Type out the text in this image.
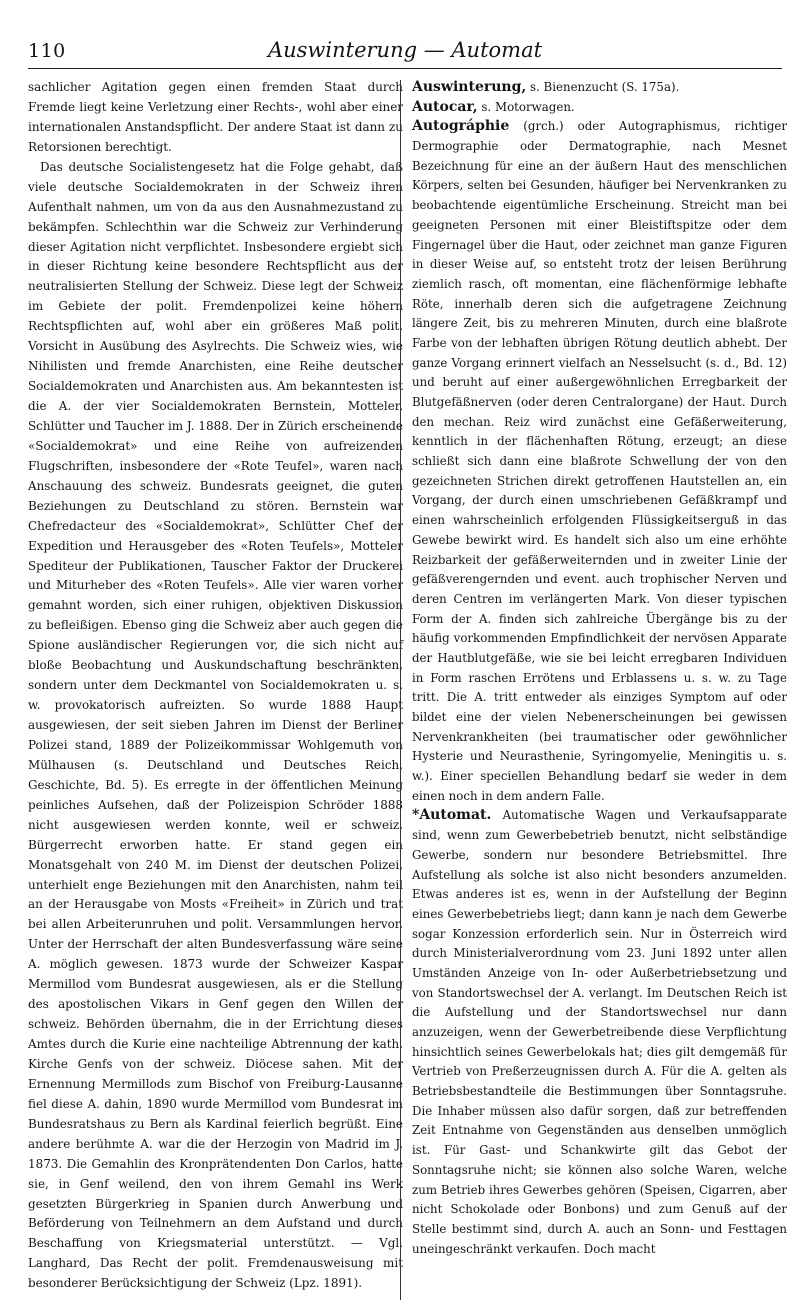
110	Auswinterung — Automat

sachlicher Agitation gegen einen fremden Staat durch Fremde liegt keine Verletzung einer Rechts-, wohl aber einer internationalen Anstandspflicht. Der andere Staat ist dann zu Retorsionen berechtigt.

Das deutsche Socialistengesetz hat die Folge gehabt, daß viele deutsche Socialdemokraten in der Schweiz ihren Aufenthalt nahmen, um von da aus den Ausnahmezustand zu bekämpfen. Schlechthin war die Schweiz zur Verhinderung dieser Agitation nicht verpflichtet. Insbesondere ergiebt sich in dieser Richtung keine besondere Rechtspflicht aus der neutralisierten Stellung der Schweiz. Diese legt der Schweiz im Gebiete der polit. Fremdenpolizei keine höhern Rechtspflichten auf, wohl aber ein größeres Maß polit. Vorsicht in Ausübung des Asylrechts. Die Schweiz wies, wie Nihilisten und fremde Anarchisten, eine Reihe deutscher Socialdemokraten und Anarchisten aus. Am bekanntesten ist die A. der vier Socialdemokraten Bernstein, Motteler, Schlütter und Taucher im J. 1888. Der in Zürich erscheinende «Socialdemokrat» und eine Reihe von aufreizenden Flugschriften, insbesondere der «Rote Teufel», waren nach Anschauung des schweiz. Bundesrats geeignet, die guten Beziehungen zu Deutschland zu stören. Bernstein war Chefredacteur des «Socialdemokrat», Schlütter Chef der Expedition und Herausgeber des «Roten Teufels», Motteler Spediteur der Publikationen, Tauscher Faktor der Druckerei und Miturheber des «Roten Teufels». Alle vier waren vorher gemahnt worden, sich einer ruhigen, objektiven Diskussion zu befleißigen. Ebenso ging die Schweiz aber auch gegen die Spione ausländischer Regierungen vor, die sich nicht auf bloße Beobachtung und Auskundschaftung beschränkten, sondern unter dem Deckmantel von Socialdemokraten u. s. w. provokatorisch aufreizten. So wurde 1888 Haupt ausgewiesen, der seit sieben Jahren im Dienst der Berliner Polizei stand, 1889 der Polizeikommissar Wohlgemuth von Mülhausen (s. Deutschland und Deutsches Reich, Geschichte, Bd. 5). Es erregte in der öffentlichen Meinung peinliches Aufsehen, daß der Polizeispion Schröder 1888 nicht ausgewiesen werden konnte, weil er schweiz. Bürgerrecht erworben hatte. Er stand gegen ein Monatsgehalt von 240 M. im Dienst der deutschen Polizei, unterhielt enge Beziehungen mit den Anarchisten, nahm teil an der Herausgabe von Mosts «Freiheit» in Zürich und trat bei allen Arbeiterunruhen und polit. Versammlungen hervor. Unter der Herrschaft der alten Bundesverfassung wäre seine A. möglich gewesen. 1873 wurde der Schweizer Kaspar Mermillod vom Bundesrat ausgewiesen, als er die Stellung des apostolischen Vikars in Genf gegen den Willen der schweiz. Behörden übernahm, die in der Errichtung dieses Amtes durch die Kurie eine nachteilige Abtrennung der kath. Kirche Genfs von der schweiz. Diöcese sahen. Mit der Ernennung Mermillods zum Bischof von Freiburg-Lausanne fiel diese A. dahin, 1890 wurde Mermillod vom Bundesrat im Bundesratshaus zu Bern als Kardinal feierlich begrüßt. Eine andere berühmte A. war die der Herzogin von Madrid im J. 1873. Die Gemahlin des Kronprätendenten Don Carlos, hatte sie, in Genf weilend, den von ihrem Gemahl ins Werk gesetzten Bürgerkrieg in Spanien durch Anwerbung und Beförderung von Teilnehmern an dem Aufstand und durch Beschaffung von Kriegsmaterial unterstützt. — Vgl. Langhard, Das Recht der polit. Fremdenausweisung mit besonderer Berücksichtigung der Schweiz (Lpz. 1891).

Auswinterung, s. Bienenzucht (S. 175a).

Autocar, s. Motorwagen.

Autográphie (grch.) oder Autographismus, richtiger Dermographie oder Dermatographie, nach Mesnet Bezeichnung für eine an der äußern Haut des menschlichen Körpers, selten bei Gesunden, häufiger bei Nervenkranken zu beobachtende eigentümliche Erscheinung. Streicht man bei geeigneten Personen mit einer Bleistiftspitze oder dem Fingernagel über die Haut, oder zeichnet man ganze Figuren in dieser Weise auf, so entsteht trotz der leisen Berührung ziemlich rasch, oft momentan, eine flächenförmige lebhafte Röte, innerhalb deren sich die aufgetragene Zeichnung längere Zeit, bis zu mehreren Minuten, durch eine blaßrote Farbe von der lebhaften übrigen Rötung deutlich abhebt. Der ganze Vorgang erinnert vielfach an Nesselsucht (s. d., Bd. 12) und beruht auf einer außergewöhnlichen Erregbarkeit der Blutgefäßnerven (oder deren Centralorgane) der Haut. Durch den mechan. Reiz wird zunächst eine Gefäßerweiterung, kenntlich in der flächenhaften Rötung, erzeugt; an diese schließt sich dann eine blaßrote Schwellung der von den gezeichneten Strichen direkt getroffenen Hautstellen an, ein Vorgang, der durch einen umschriebenen Gefäßkrampf und einen wahrscheinlich erfolgenden Flüssigkeitserguß in das Gewebe bewirkt wird. Es handelt sich also um eine erhöhte Reizbarkeit der gefäßerweiternden und in zweiter Linie der gefäßverengernden und event. auch trophischer Nerven und deren Centren im verlängerten Mark. Von dieser typischen Form der A. finden sich zahlreiche Übergänge bis zu der häufig vorkommenden Empfindlichkeit der nervösen Apparate der Hautblutgefäße, wie sie bei leicht erregbaren Individuen in Form raschen Errötens und Erblassens u. s. w. zu Tage tritt. Die A. tritt entweder als einziges Symptom auf oder bildet eine der vielen Nebenerscheinungen bei gewissen Nervenkrankheiten (bei traumatischer oder gewöhnlicher Hysterie und Neurasthenie, Syringomyelie, Meningitis u. s. w.). Einer speciellen Behandlung bedarf sie weder in dem einen noch in dem andern Falle.

*Automat. Automatische Wagen und Verkaufsapparate sind, wenn zum Gewerbebetrieb benutzt, nicht selbständige Gewerbe, sondern nur besondere Betriebsmittel. Ihre Aufstellung als solche ist also nicht besonders anzumelden. Etwas anderes ist es, wenn in der Aufstellung der Beginn eines Gewerbebetriebs liegt; dann kann je nach dem Gewerbe sogar Konzession erforderlich sein. Nur in Österreich wird durch Ministerialverordnung vom 23. Juni 1892 unter allen Umständen Anzeige von In- oder Außerbetriebsetzung und von Standortswechsel der A. verlangt. Im Deutschen Reich ist die Aufstellung und der Standortswechsel nur dann anzuzeigen, wenn der Gewerbetreibende diese Verpflichtung hinsichtlich seines Gewerbelokals hat; dies gilt demgemäß für Vertrieb von Preßerzeugnissen durch A. Für die A. gelten als Betriebsbestandteile die Bestimmungen über Sonntagsruhe. Die Inhaber müssen also dafür sorgen, daß zur betreffenden Zeit Entnahme von Gegenständen aus denselben unmöglich ist. Für Gast- und Schankwirte gilt das Gebot der Sonntagsruhe nicht; sie können also solche Waren, welche zum Betrieb ihres Gewerbes gehören (Speisen, Cigarren, aber nicht Schokolade oder Bonbons) und zum Genuß auf der Stelle bestimmt sind, durch A. auch an Sonn- und Festtagen uneingeschränkt verkaufen. Doch macht
